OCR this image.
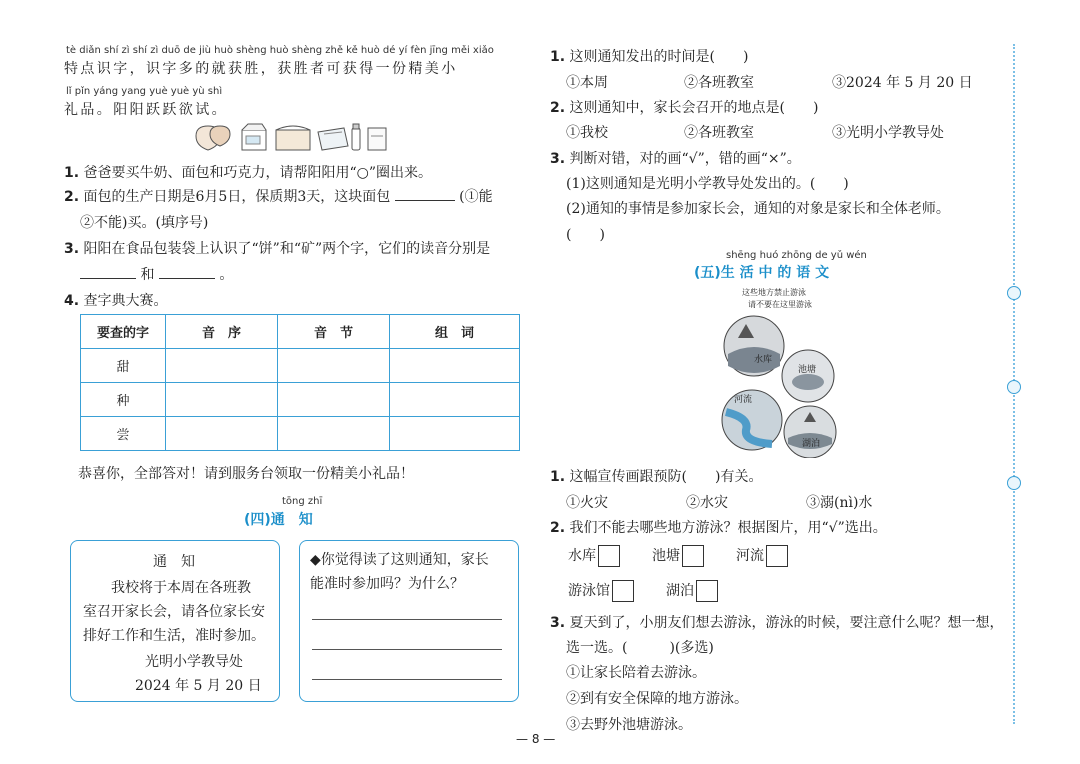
tè diǎn shí zì shí zì duō de jiù huò shèng huò shèng zhě kě huò dé yí fèn jīng měi xiǎo
特点识字，识字多的就获胜，获胜者可获得一份精美小
lǐ pǐn yáng yang yuè yuè yù shì
礼品。阳阳跃跃欲试。
1. 爸爸要买牛奶、面包和巧克力，请帮阳阳用“○”圈出来。
2. 面包的生产日期是6月5日，保质期3天，这块面包	(①能
②不能)买。(填序号)
3. 阳阳在食品包装袋上认识了“饼”和“矿”两个字，它们的读音分别是
和	。
4. 查字典大赛。
要查的字	音　序	音　节	组　词
甜			
种			
尝			
恭喜你，全部答对！请到服务台领取一份精美小礼品！
tōng zhī
(四)通　知
通　知
我校将于本周在各班教
室召开家长会，请各位家长安
排好工作和生活，准时参加。
光明小学教导处
2024 年 5 月 20 日
◆你觉得读了这则通知，家长
能准时参加吗？为什么？
1. 这则通知发出的时间是(　　)
①本周	②各班教室	③2024 年 5 月 20 日
2. 这则通知中，家长会召开的地点是(　　)
①我校	②各班教室	③光明小学教导处
3. 判断对错，对的画“√”，错的画“×”。
(1)这则通知是光明小学教导处发出的。(　　)
(2)通知的事情是参加家长会，通知的对象是家长和全体老师。
(　　)
shēng huó zhōng de yǔ wén
(五)生 活 中 的 语 文
这些地方禁止游泳
请不要在这里游泳
水库
池塘
河流
湖泊
1. 这幅宣传画跟预防(　　)有关。
①火灾	②水灾	③溺(nì)水
2. 我们不能去哪些地方游泳？根据图片，用“√”选出。
水库	池塘	河流
游泳馆	湖泊
3. 夏天到了，小朋友们想去游泳，游泳的时候，要注意什么呢？想一想，
选一选。(　　　)(多选)
①让家长陪着去游泳。
②到有安全保障的地方游泳。
③去野外池塘游泳。
— 8 —
